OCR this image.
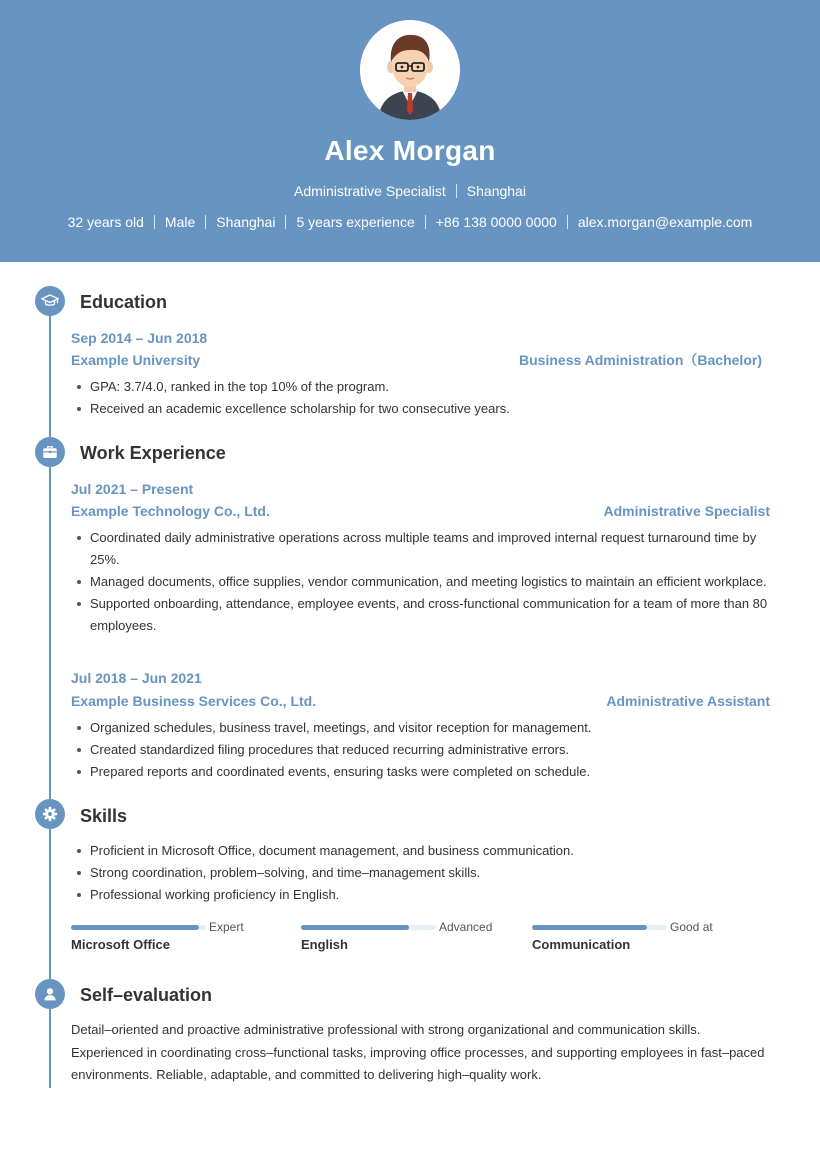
Alex Morgan
Administrative Specialist Shanghai
32 years old Male Shanghai 5 years experience +86 138 0000 0000 alex.morgan@example.com
Education
Sep 2014 – Jun 2018
Example University	Business Administration（Bachelor)
GPA: 3.7/4.0, ranked in the top 10% of the program.
Received an academic excellence scholarship for two consecutive years.
Work Experience
Jul 2021 – Present
Example Technology Co., Ltd.	Administrative Specialist
Coordinated daily administrative operations across multiple teams and improved internal request turnaround time by 25%.
Managed documents, office supplies, vendor communication, and meeting logistics to maintain an efficient workplace.
Supported onboarding, attendance, employee events, and cross-functional communication for a team of more than 80 employees.
Jul 2018 – Jun 2021
Example Business Services Co., Ltd.	Administrative Assistant
Organized schedules, business travel, meetings, and visitor reception for management.
Created standardized filing procedures that reduced recurring administrative errors.
Prepared reports and coordinated events, ensuring tasks were completed on schedule.
Skills
Proficient in Microsoft Office, document management, and business communication.
Strong coordination, problem–solving, and time–management skills.
Professional working proficiency in English.
Expert
Microsoft Office
Advanced
English
Good at
Communication
Self–evaluation
Detail–oriented and proactive administrative professional with strong organizational and communication skills. Experienced in coordinating cross–functional tasks, improving office processes, and supporting employees in fast–paced environments. Reliable, adaptable, and committed to delivering high–quality work.
